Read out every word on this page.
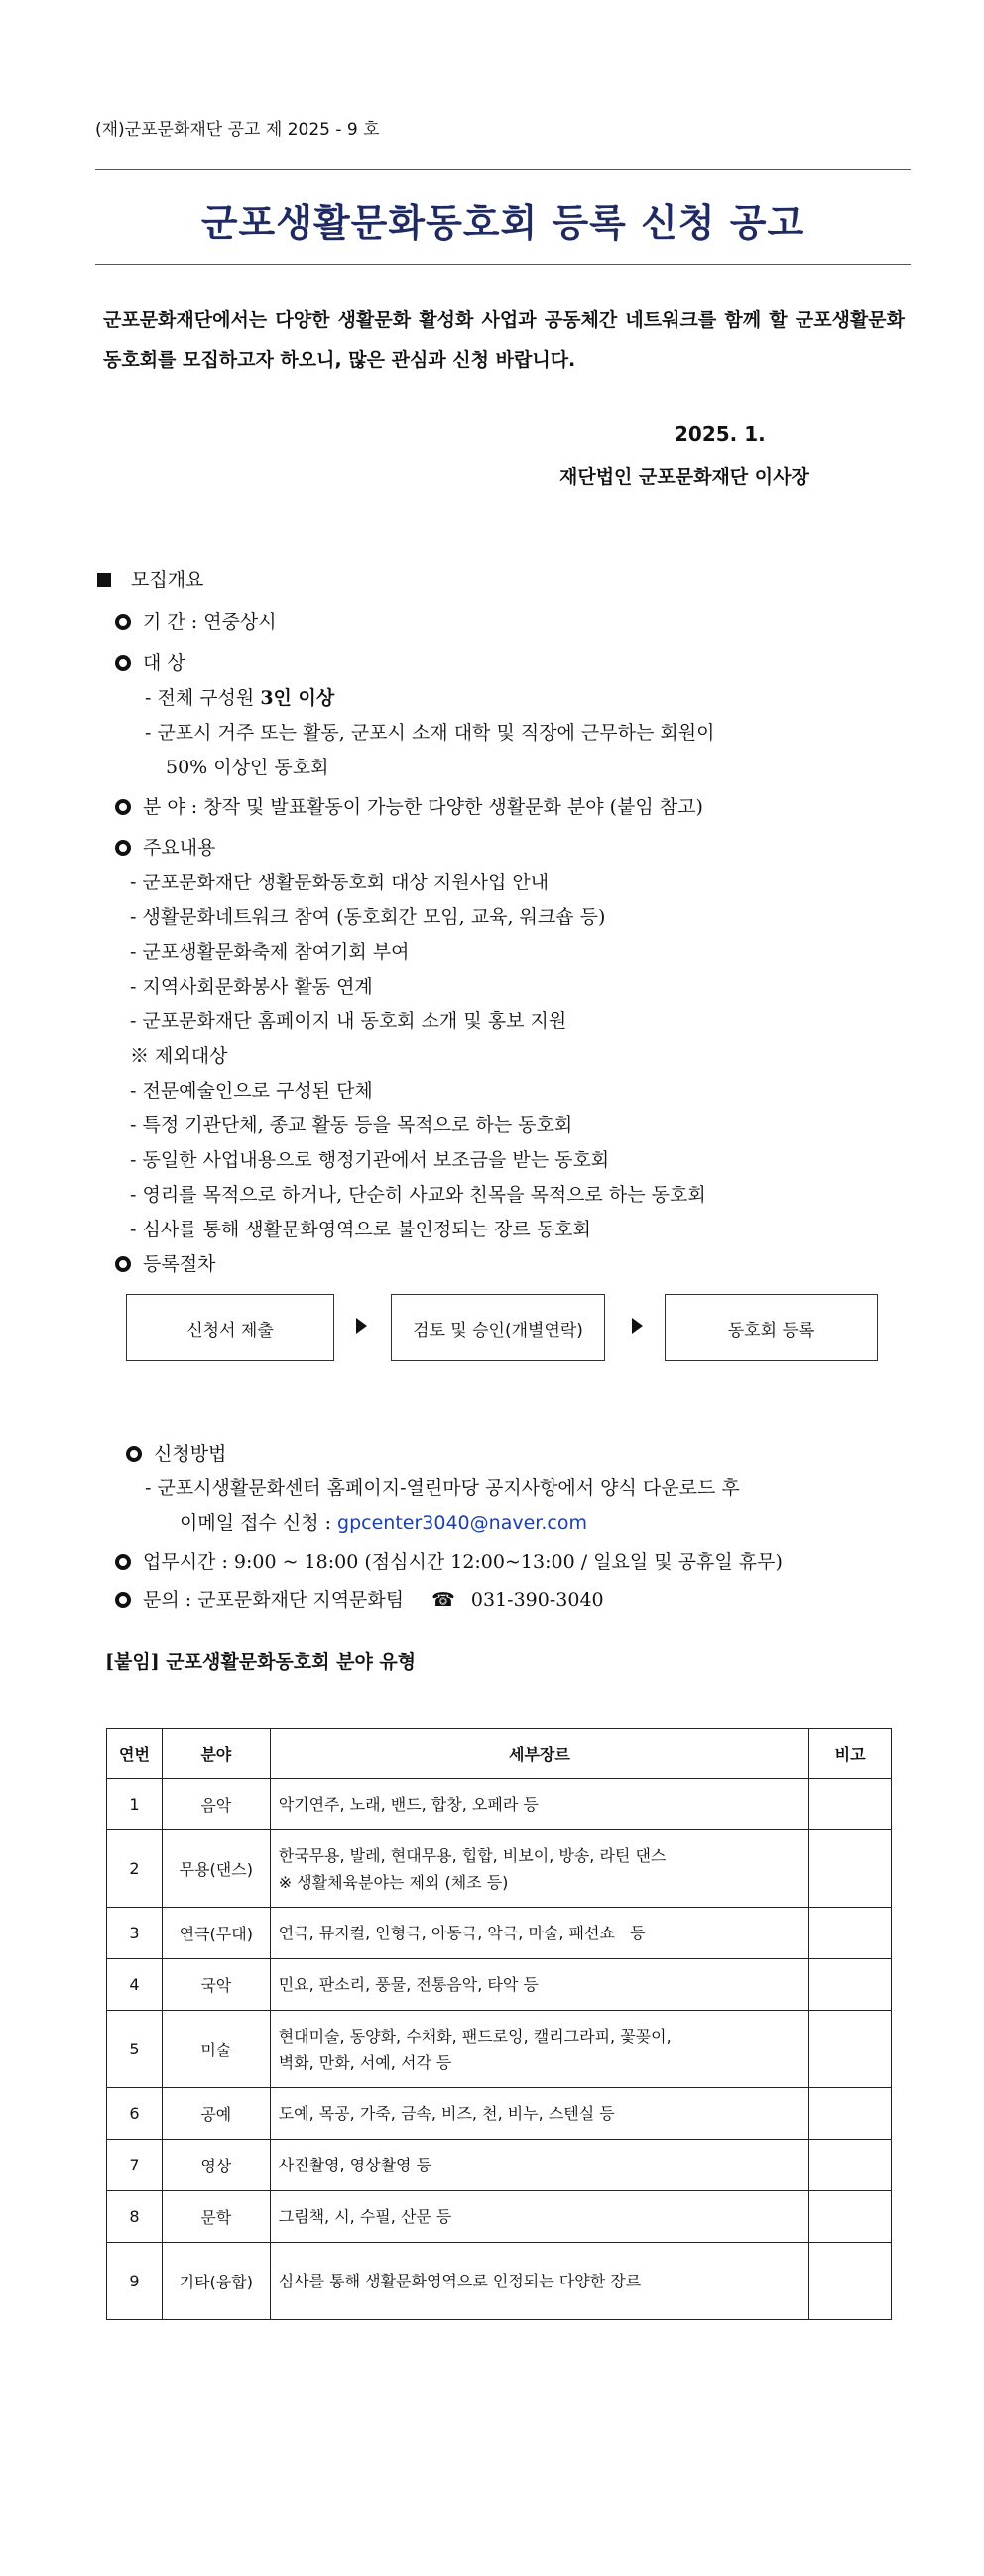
(재)군포문화재단 공고 제 2025 - 9 호
군포생활문화동호회 등록 신청 공고
군포문화재단에서는 다양한 생활문화 활성화 사업과 공동체간 네트워크를 함께 할 군포생활문화동호회를 모집하고자 하오니, 많은 관심과 신청 바랍니다.
2025. 1.
재단법인 군포문화재단 이사장
모집개요
기 간 : 연중상시
대 상
- 전체 구성원 3인 이상
- 군포시 거주 또는 활동, 군포시 소재 대학 및 직장에 근무하는 회원이
50% 이상인 동호회
분 야 : 창작 및 발표활동이 가능한 다양한 생활문화 분야 (붙임 참고)
주요내용
- 군포문화재단 생활문화동호회 대상 지원사업 안내
- 생활문화네트워크 참여 (동호회간 모임, 교육, 워크숍 등)
- 군포생활문화축제 참여기회 부여
- 지역사회문화봉사 활동 연계
- 군포문화재단 홈페이지 내 동호회 소개 및 홍보 지원
※ 제외대상
- 전문예술인으로 구성된 단체
- 특정 기관단체, 종교 활동 등을 목적으로 하는 동호회
- 동일한 사업내용으로 행정기관에서 보조금을 받는 동호회
- 영리를 목적으로 하거나, 단순히 사교와 친목을 목적으로 하는 동호회
- 심사를 통해 생활문화영역으로 불인정되는 장르 동호회
등록절차
신청서 제출	검토 및 승인(개별연락)	동호회 등록
신청방법
- 군포시생활문화센터 홈페이지-열린마당 공지사항에서 양식 다운로드 후
이메일 접수 신청 : gpcenter3040@naver.com
업무시간 : 9:00 ~ 18:00 (점심시간 12:00~13:00 / 일요일 및 공휴일 휴무)
문의 : 군포문화재단 지역문화팀 ☎ 031-390-3040
[붙임] 군포생활문화동호회 분야 유형
연번	분야	세부장르	비고
1	음악	악기연주, 노래, 밴드, 합창, 오페라 등	

2	무용(댄스)	한국무용, 발레, 현대무용, 힙합, 비보이, 방송, 라틴 댄스
※ 생활체육분야는 제외 (체조 등)	

3	연극(무대)	연극, 뮤지컬, 인형극, 아동극, 악극, 마술, 패션쇼   등	

4	국악	민요, 판소리, 풍물, 전통음악, 타악 등	

5	미술	현대미술, 동양화, 수채화, 팬드로잉, 캘리그라피, 꽃꽂이,
벽화, 만화, 서예, 서각 등	

6	공예	도예, 목공, 가죽, 금속, 비즈, 천, 비누, 스텐실 등	

7	영상	사진촬영, 영상촬영 등	

8	문학	그림책, 시, 수필, 산문 등	

9	기타(융합)	심사를 통해 생활문화영역으로 인정되는 다양한 장르	
